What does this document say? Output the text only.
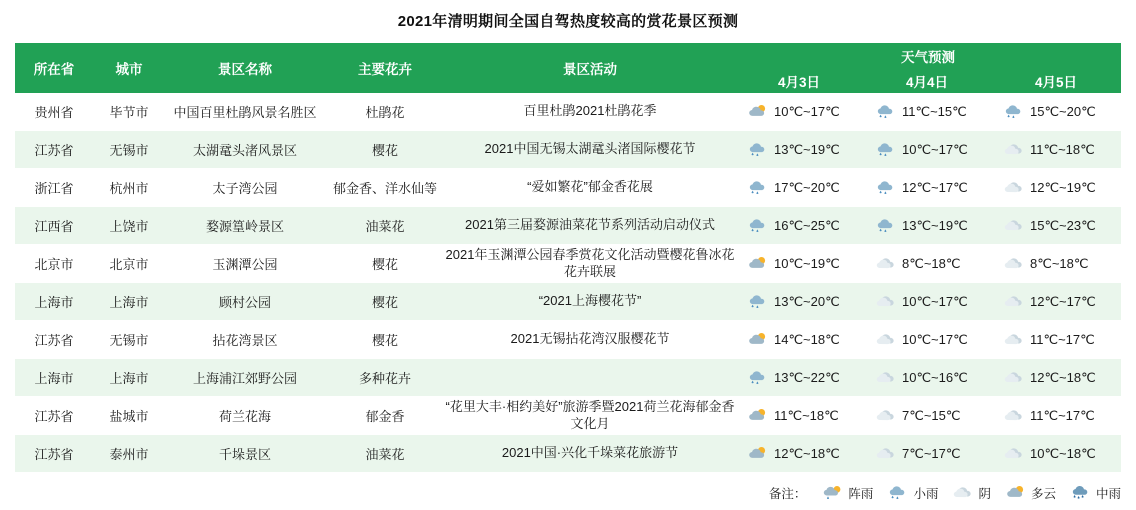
2021年清明期间全国自驾热度较高的赏花景区预测
所在省	城市	景区名称	主要花卉	景区活动	天气预测		
					4月3日	4月4日	4月5日
贵州省	毕节市	中国百里杜鹃风景名胜区	杜鹃花	百里杜鹃2021杜鹃花季	10℃~17℃	11℃~15℃	15℃~20℃

江苏省	无锡市	太湖鼋头渚风景区	樱花	2021中国无锡太湖鼋头渚国际樱花节	13℃~19℃	10℃~17℃	11℃~18℃

浙江省	杭州市	太子湾公园	郁金香、洋水仙等	“爱如繁花”郁金香花展	17℃~20℃	12℃~17℃	12℃~19℃

江西省	上饶市	婺源篁岭景区	油菜花	2021第三届婺源油菜花节系列活动启动仪式	16℃~25℃	13℃~19℃	15℃~23℃

北京市	北京市	玉渊潭公园	樱花	2021年玉渊潭公园春季赏花文化活动暨樱花鲁冰花花卉联展	10℃~19℃	8℃~18℃	8℃~18℃

上海市	上海市	顾村公园	樱花	“2021上海樱花节”	13℃~20℃	10℃~17℃	12℃~17℃

江苏省	无锡市	拈花湾景区	樱花	2021无锡拈花湾汉服樱花节	14℃~18℃	10℃~17℃	11℃~17℃

上海市	上海市	上海浦江郊野公园	多种花卉		13℃~22℃	10℃~16℃	12℃~18℃

江苏省	盐城市	荷兰花海	郁金香	“花里大丰·相约美好”旅游季暨2021荷兰花海郁金香文化月	11℃~18℃	7℃~15℃	11℃~17℃

江苏省	泰州市	千垛景区	油菜花	2021中国·兴化千垛菜花旅游节	12℃~18℃	7℃~17℃	10℃~18℃
备注：	阵雨	小雨	阴	多云	中雨
